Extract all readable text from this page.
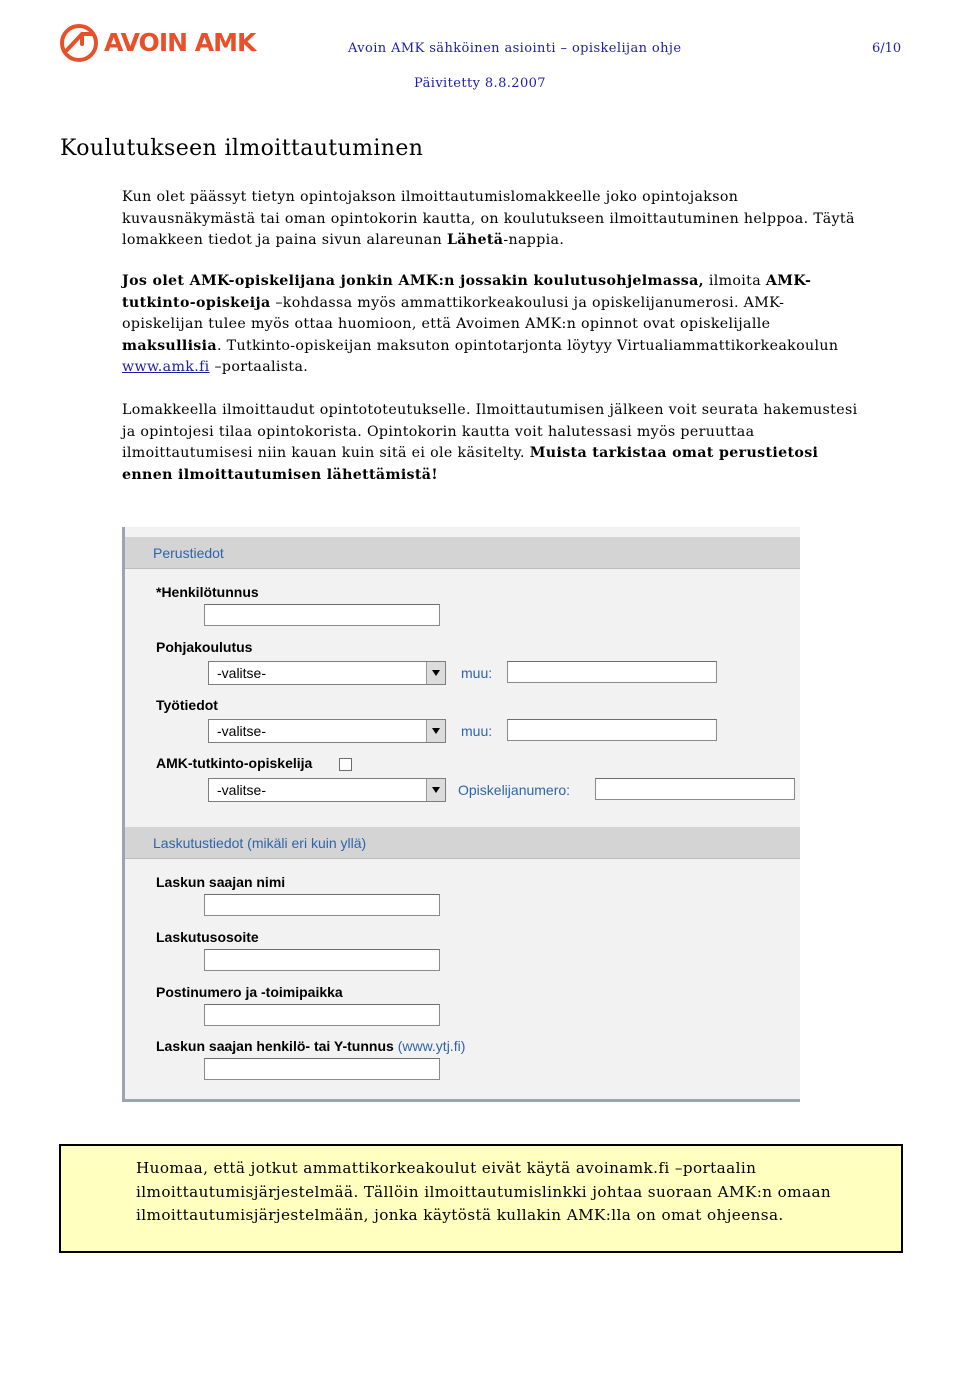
AVOIN AMK	Avoin AMK sähköinen asiointi – opiskelijan ohje	6/10
Päivitetty 8.8.2007
Koulutukseen ilmoittautuminen

Kun olet päässyt tietyn opintojakson ilmoittautumislomakkeelle joko opintojakson kuvausnäkymästä tai oman opintokorin kautta, on koulutukseen ilmoittautuminen helppoa. Täytä lomakkeen tiedot ja paina sivun alareunan Lähetä-nappia.

Jos olet AMK-opiskelijana jonkin AMK:n jossakin koulutusohjelmassa, ilmoita AMK-tutkinto-opiskeija –kohdassa myös ammattikorkeakoulusi ja opiskelijanumerosi. AMK- opiskelijan tulee myös ottaa huomioon, että Avoimen AMK:n opinnot ovat opiskelijalle maksullisia. Tutkinto-opiskeijan maksuton opintotarjonta löytyy Virtualiammattikorkeakoulun www.amk.fi –portaalista.

Lomakkeella ilmoittaudut opintototeutukselle. Ilmoittautumisen jälkeen voit seurata hakemustesi ja opintojesi tilaa opintokorista. Opintokorin kautta voit halutessasi myös peruuttaa ilmoittautumisesi niin kauan kuin sitä ei ole käsitelty. Muista tarkistaa omat perustietosi ennen ilmoittautumisen lähettämistä!

Perustiedot
*Henkilötunnus
Pohjakoulutus
-valitse-	muu:
Työtiedot
-valitse-	muu:
AMK-tutkinto-opiskelija
-valitse-	Opiskelijanumero:
Laskutustiedot (mikäli eri kuin yllä)
Laskun saajan nimi
Laskutusosoite
Postinumero ja -toimipaikka
Laskun saajan henkilö- tai Y-tunnus (www.ytj.fi)

Huomaa, että jotkut ammattikorkeakoulut eivät käytä avoinamk.fi –portaalin ilmoittautumisjärjestelmää. Tällöin ilmoittautumislinkki johtaa suoraan AMK:n omaan ilmoittautumisjärjestelmään, jonka käytöstä kullakin AMK:lla on omat ohjeensa.
